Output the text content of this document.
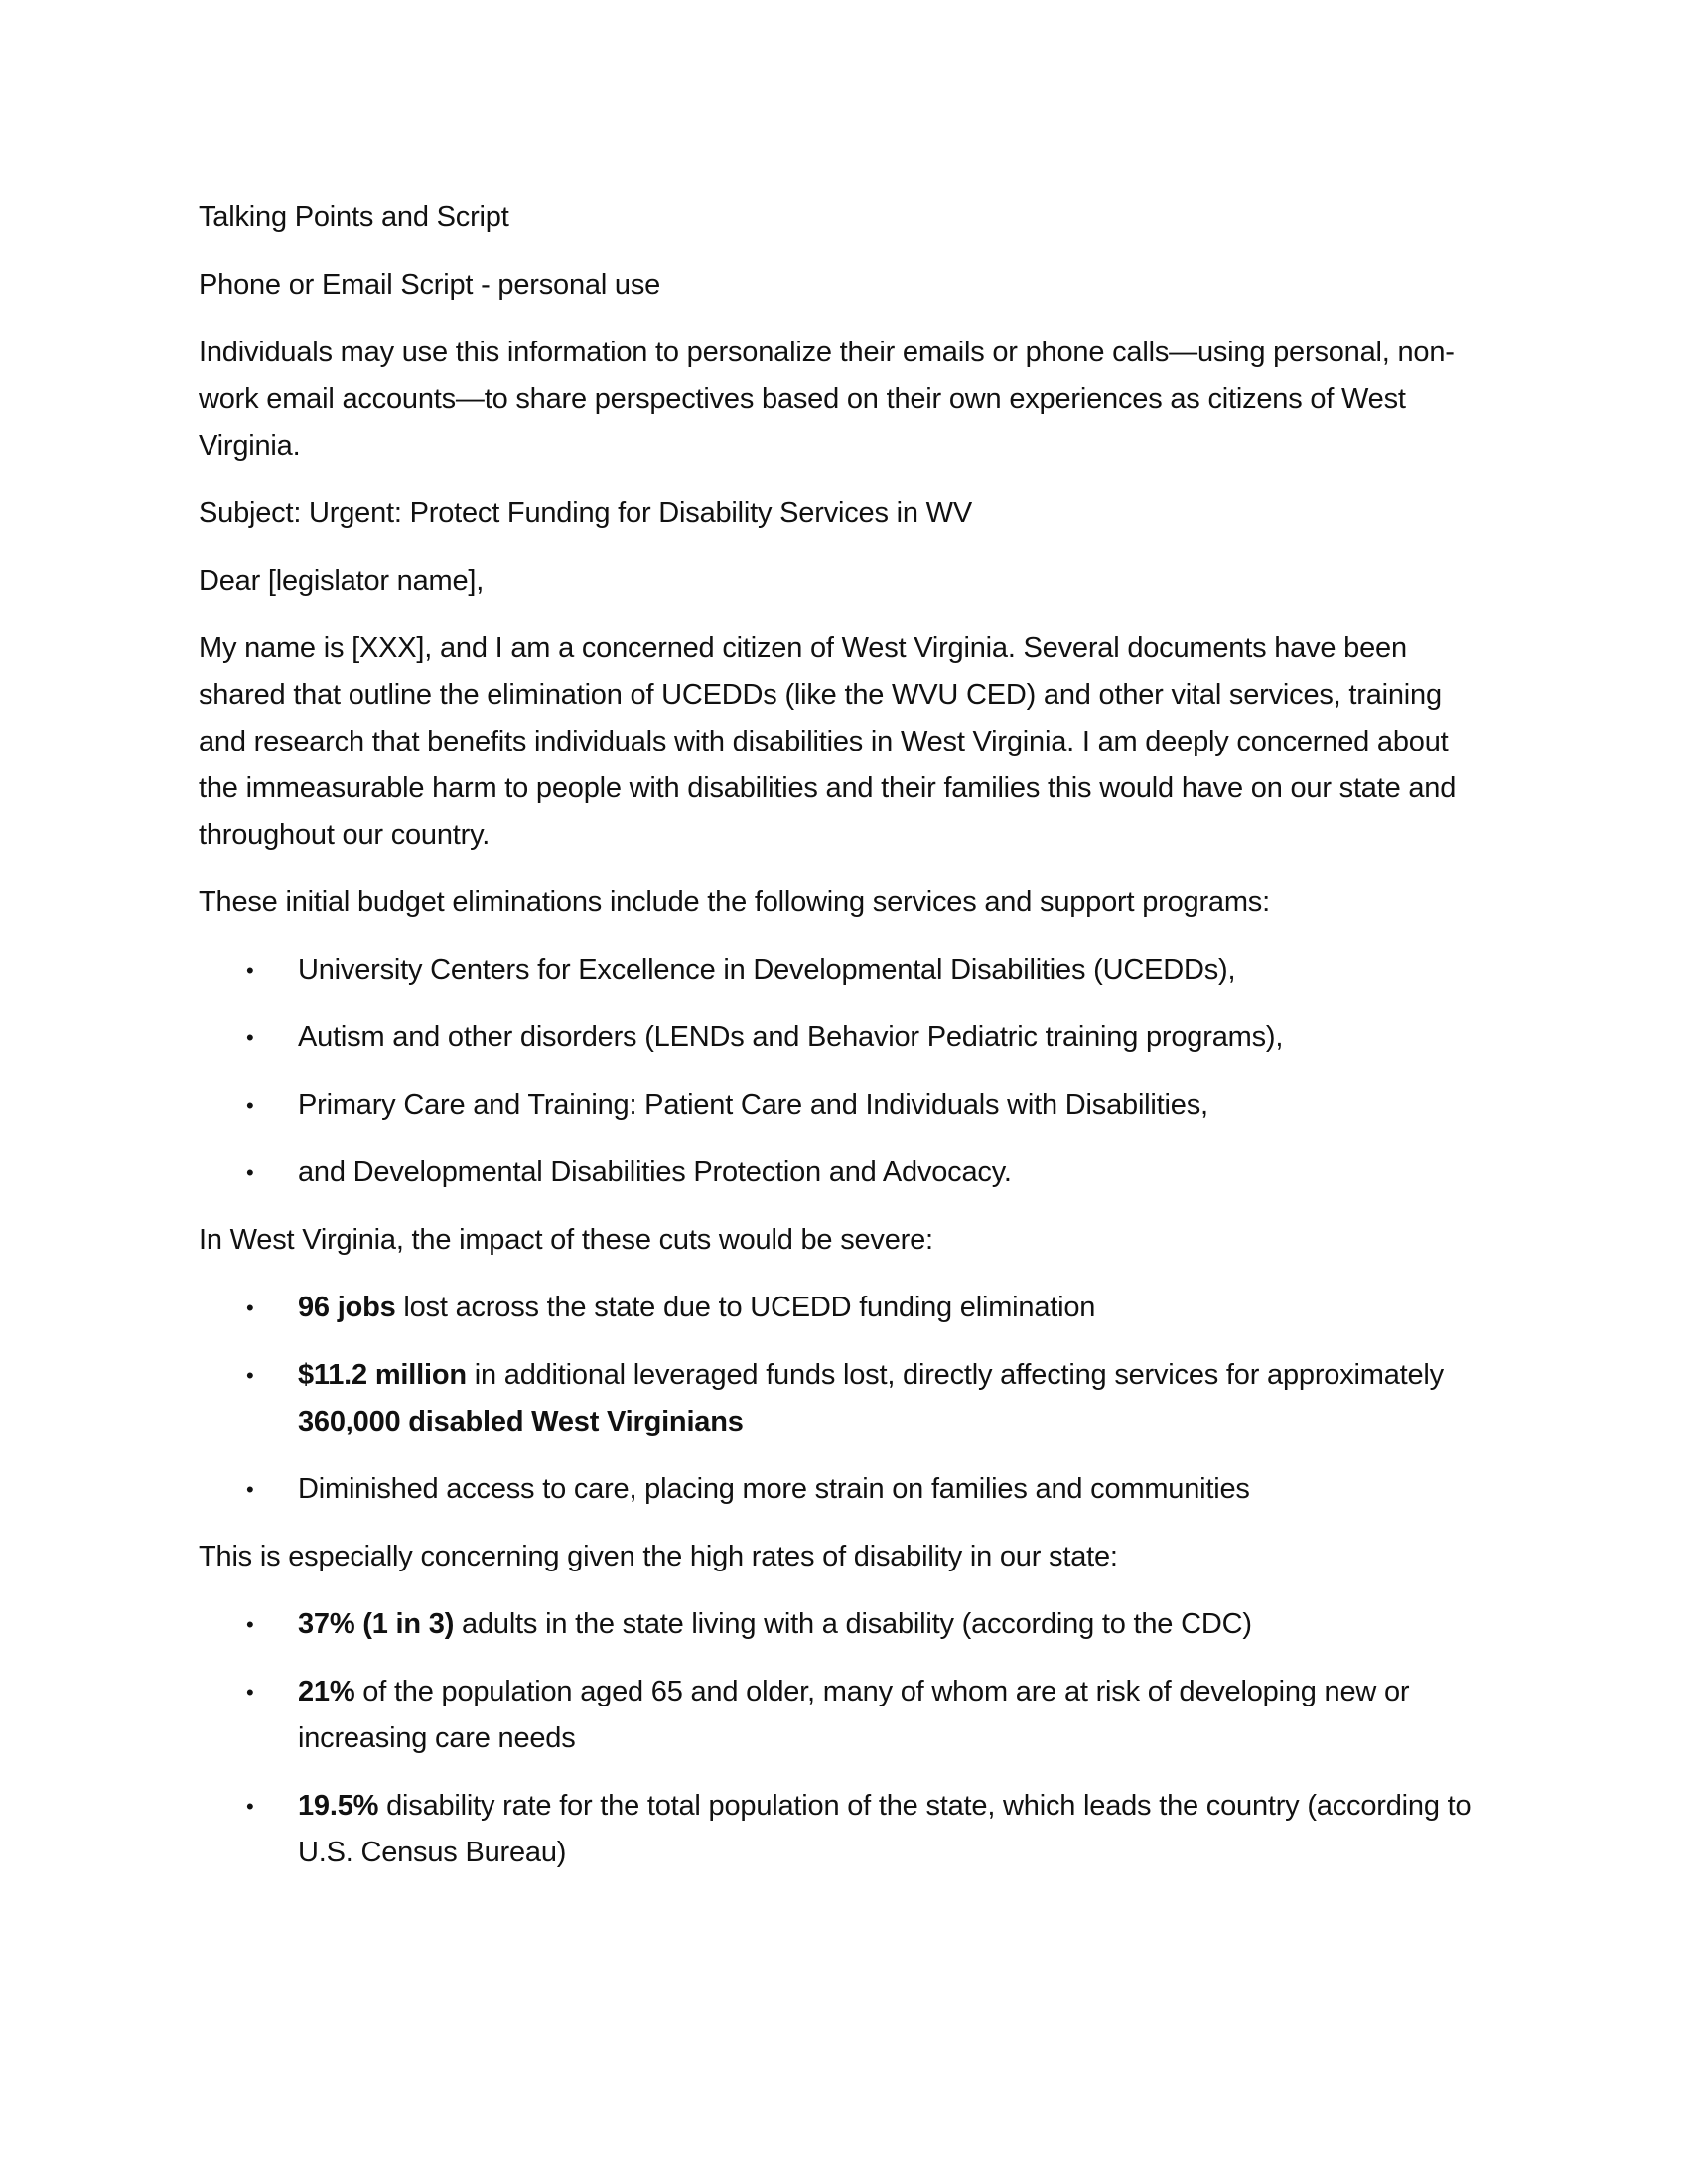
Talking Points and Script

Phone or Email Script - personal use

Individuals may use this information to personalize their emails or phone calls—using personal, non-work email accounts—to share perspectives based on their own experiences as citizens of West Virginia.

Subject: Urgent: Protect Funding for Disability Services in WV

Dear [legislator name],

My name is [XXX], and I am a concerned citizen of West Virginia. Several documents have been shared that outline the elimination of UCEDDs (like the WVU CED) and other vital services, training and research that benefits individuals with disabilities in West Virginia. I am deeply concerned about the immeasurable harm to people with disabilities and their families this would have on our state and throughout our country.

These initial budget eliminations include the following services and support programs:

•	University Centers for Excellence in Developmental Disabilities (UCEDDs),
•	Autism and other disorders (LENDs and Behavior Pediatric training programs),
•	Primary Care and Training: Patient Care and Individuals with Disabilities,
•	and Developmental Disabilities Protection and Advocacy.

In West Virginia, the impact of these cuts would be severe:

•	96 jobs lost across the state due to UCEDD funding elimination
•	$11.2 million in additional leveraged funds lost, directly affecting services for approximately 360,000 disabled West Virginians
•	Diminished access to care, placing more strain on families and communities

This is especially concerning given the high rates of disability in our state:

•	37% (1 in 3) adults in the state living with a disability (according to the CDC)
•	21% of the population aged 65 and older, many of whom are at risk of developing new or increasing care needs
•	19.5% disability rate for the total population of the state, which leads the country (according to U.S. Census Bureau)
